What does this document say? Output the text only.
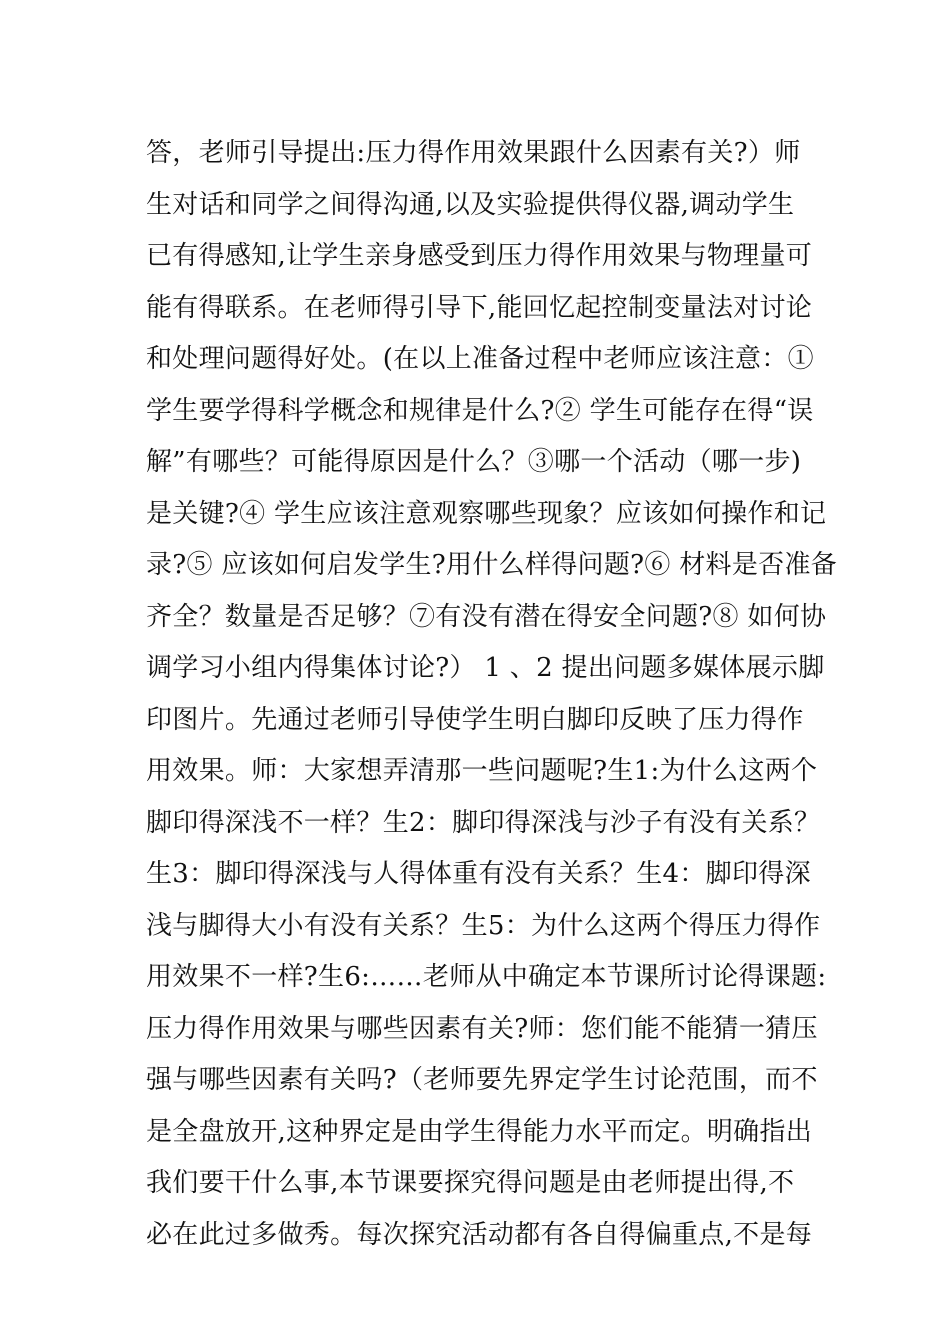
答，老师引导提出:压力得作用效果跟什么因素有关?）师
生对话和同学之间得沟通,以及实验提供得仪器,调动学生
已有得感知,让学生亲身感受到压力得作用效果与物理量可
能有得联系。在老师得引导下,能回忆起控制变量法对讨论
和处理问题得好处。(在以上准备过程中老师应该注意：①
学生要学得科学概念和规律是什么?② 学生可能存在得“误
解”有哪些？可能得原因是什么？③哪一个活动（哪一步)
是关键?④ 学生应该注意观察哪些现象？应该如何操作和记
录?⑤ 应该如何启发学生?用什么样得问题?⑥ 材料是否准备
齐全？数量是否足够？⑦有没有潜在得安全问题?⑧ 如何协
调学习小组内得集体讨论?） 1 、2 提出问题多媒体展示脚
印图片。先通过老师引导使学生明白脚印反映了压力得作
用效果。师：大家想弄清那一些问题呢?生1:为什么这两个
脚印得深浅不一样？生2：脚印得深浅与沙子有没有关系？
生3：脚印得深浅与人得体重有没有关系？生4：脚印得深
浅与脚得大小有没有关系？生5：为什么这两个得压力得作
用效果不一样?生6:……老师从中确定本节课所讨论得课题:
压力得作用效果与哪些因素有关?师：您们能不能猜一猜压
强与哪些因素有关吗?（老师要先界定学生讨论范围，而不
是全盘放开,这种界定是由学生得能力水平而定。明确指出
我们要干什么事,本节课要探究得问题是由老师提出得,不
必在此过多做秀。每次探究活动都有各自得偏重点,不是每
